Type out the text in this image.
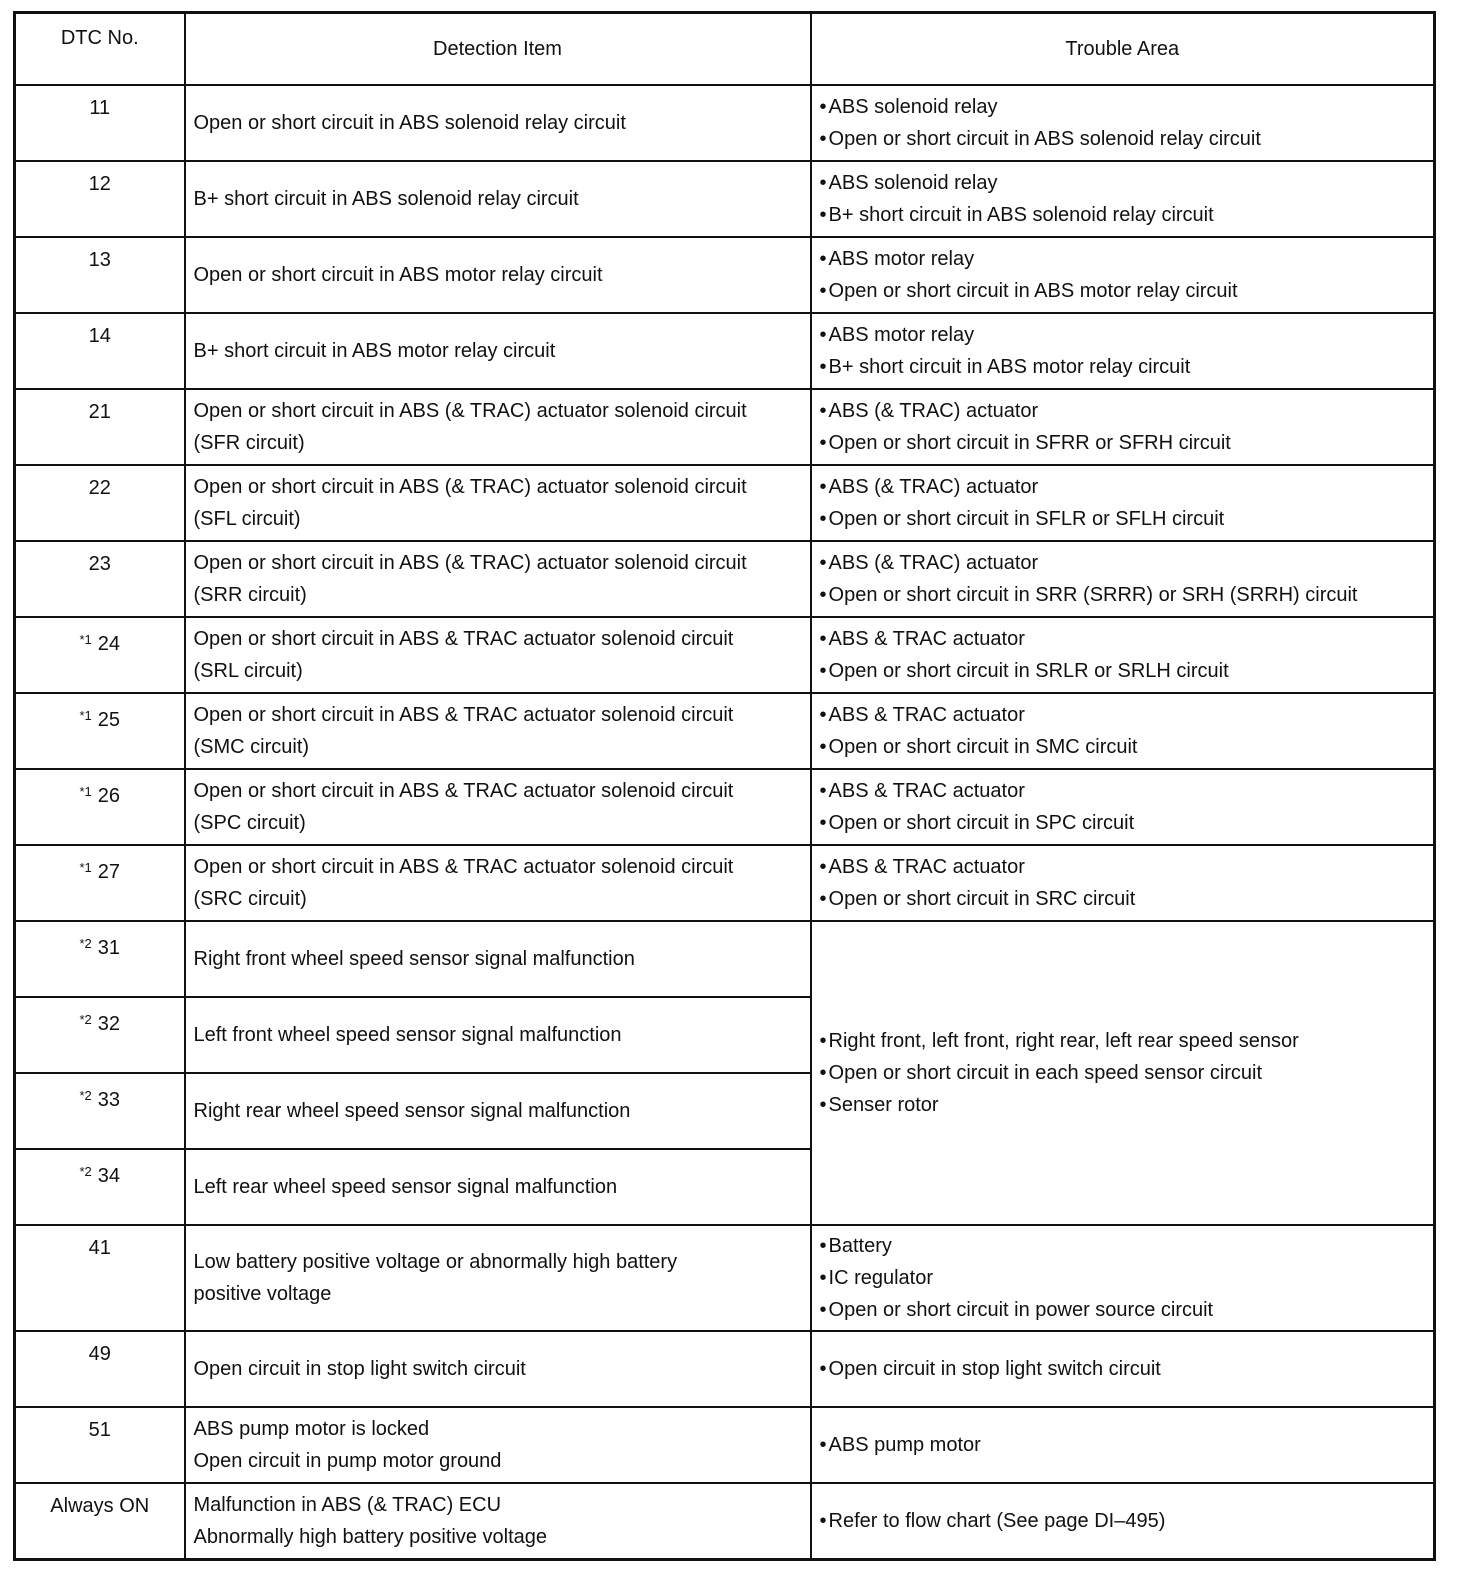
DTC No.	Detection Item	Trouble Area
11	Open or short circuit in ABS solenoid relay circuit	• ABS solenoid relay
• Open or short circuit in ABS solenoid relay circuit

12	B+ short circuit in ABS solenoid relay circuit	• ABS solenoid relay
• B+ short circuit in ABS solenoid relay circuit

13	Open or short circuit in ABS motor relay circuit	• ABS motor relay
• Open or short circuit in ABS motor relay circuit

14	B+ short circuit in ABS motor relay circuit	• ABS motor relay
• B+ short circuit in ABS motor relay circuit

21	Open or short circuit in ABS (& TRAC) actuator solenoid circuit
(SFR circuit)	• ABS (& TRAC) actuator
• Open or short circuit in SFRR or SFRH circuit

22	Open or short circuit in ABS (& TRAC) actuator solenoid circuit
(SFL circuit)	• ABS (& TRAC) actuator
• Open or short circuit in SFLR or SFLH circuit

23	Open or short circuit in ABS (& TRAC) actuator solenoid circuit
(SRR circuit)	• ABS (& TRAC) actuator
• Open or short circuit in SRR (SRRR) or SRH (SRRH) circuit

$^{*1}$ 24	Open or short circuit in ABS & TRAC actuator solenoid circuit
(SRL circuit)	• ABS & TRAC actuator
• Open or short circuit in SRLR or SRLH circuit

$^{*1}$ 25	Open or short circuit in ABS & TRAC actuator solenoid circuit
(SMC circuit)	• ABS & TRAC actuator
• Open or short circuit in SMC circuit

$^{*1}$ 26	Open or short circuit in ABS & TRAC actuator solenoid circuit
(SPC circuit)	• ABS & TRAC actuator
• Open or short circuit in SPC circuit

$^{*1}$ 27	Open or short circuit in ABS & TRAC actuator solenoid circuit
(SRC circuit)	• ABS & TRAC actuator
• Open or short circuit in SRC circuit

$^{*2}$ 31	Right front wheel speed sensor signal malfunction	• Right front, left front, right rear, left rear speed sensor
• Open or short circuit in each speed sensor circuit
• Senser rotor

$^{*2}$ 32	Left front wheel speed sensor signal malfunction	

$^{*2}$ 33	Right rear wheel speed sensor signal malfunction	

$^{*2}$ 34	Left rear wheel speed sensor signal malfunction	

41	Low battery positive voltage or abnormally high battery
positive voltage	• Battery
• IC regulator
• Open or short circuit in power source circuit

49	Open circuit in stop light switch circuit	• Open circuit in stop light switch circuit

51	ABS pump motor is locked
Open circuit in pump motor ground	• ABS pump motor

Always ON	Malfunction in ABS (& TRAC) ECU
Abnormally high battery positive voltage	• Refer to flow chart (See page DI–495)
